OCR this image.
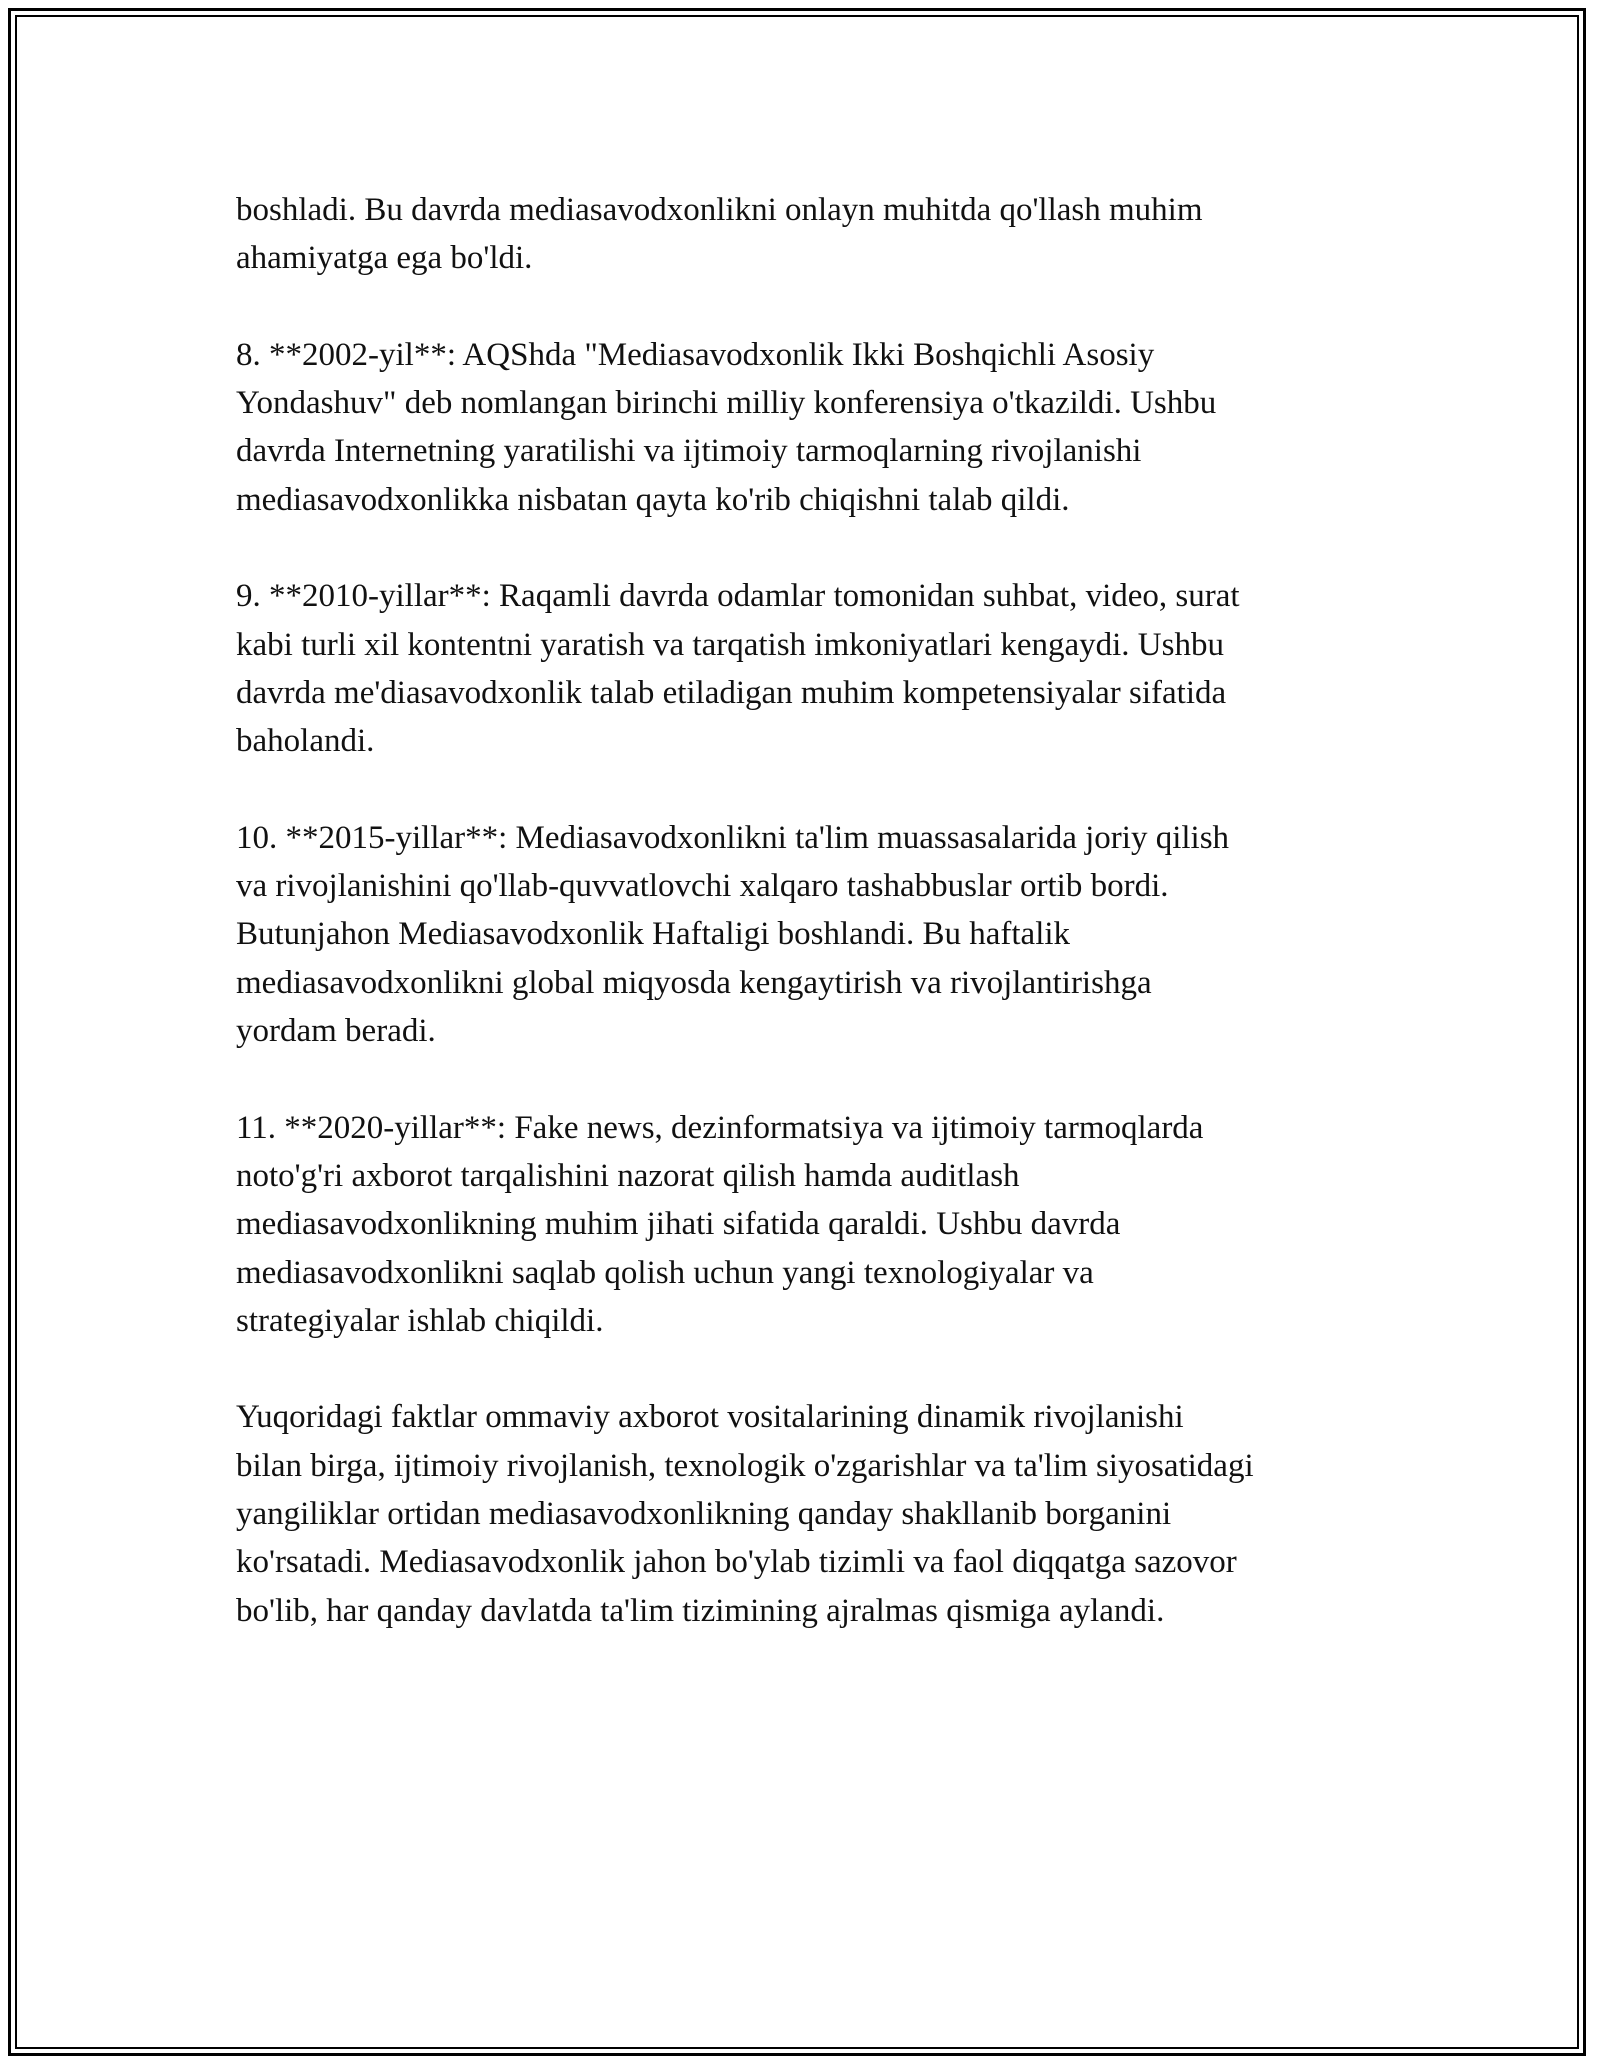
boshladi. Bu davrda mediasavodxonlikni onlayn muhitda qo'llash muhim
ahamiyatga ega bo'ldi.
8. **2002-yil**: AQShda "Mediasavodxonlik Ikki Boshqichli Asosiy
Yondashuv" deb nomlangan birinchi milliy konferensiya o'tkazildi. Ushbu
davrda Internetning yaratilishi va ijtimoiy tarmoqlarning rivojlanishi
mediasavodxonlikka nisbatan qayta ko'rib chiqishni talab qildi.
9. **2010-yillar**: Raqamli davrda odamlar tomonidan suhbat, video, surat
kabi turli xil kontentni yaratish va tarqatish imkoniyatlari kengaydi. Ushbu
davrda me'diasavodxonlik talab etiladigan muhim kompetensiyalar sifatida
baholandi.
10. **2015-yillar**: Mediasavodxonlikni ta'lim muassasalarida joriy qilish
va rivojlanishini qo'llab-quvvatlovchi xalqaro tashabbuslar ortib bordi.
Butunjahon Mediasavodxonlik Haftaligi boshlandi. Bu haftalik
mediasavodxonlikni global miqyosda kengaytirish va rivojlantirishga
yordam beradi.
11. **2020-yillar**: Fake news, dezinformatsiya va ijtimoiy tarmoqlarda
noto'g'ri axborot tarqalishini nazorat qilish hamda auditlash
mediasavodxonlikning muhim jihati sifatida qaraldi. Ushbu davrda
mediasavodxonlikni saqlab qolish uchun yangi texnologiyalar va
strategiyalar ishlab chiqildi.
Yuqoridagi faktlar ommaviy axborot vositalarining dinamik rivojlanishi
bilan birga, ijtimoiy rivojlanish, texnologik o'zgarishlar va ta'lim siyosatidagi
yangiliklar ortidan mediasavodxonlikning qanday shakllanib borganini
ko'rsatadi. Mediasavodxonlik jahon bo'ylab tizimli va faol diqqatga sazovor
bo'lib, har qanday davlatda ta'lim tizimining ajralmas qismiga aylandi.
